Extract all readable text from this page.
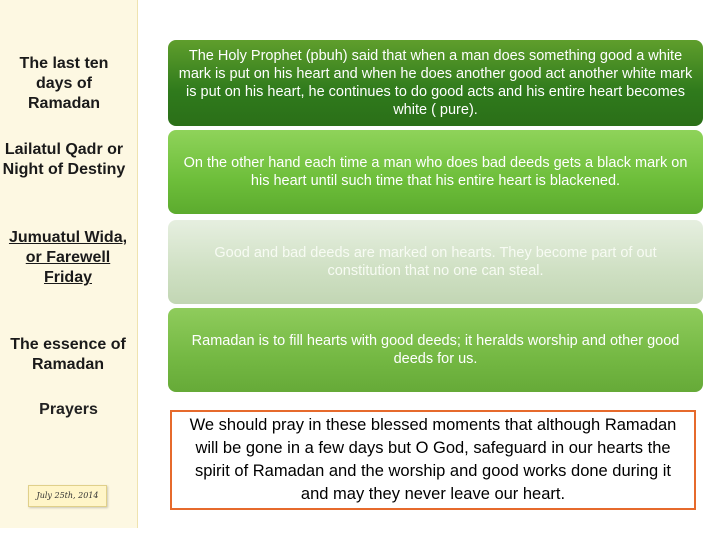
The last ten days of Ramadan
Lailatul Qadr or Night of Destiny
Jumuatul Wida, or Farewell Friday
The essence of Ramadan
Prayers
July 25th, 2014
The Holy Prophet (pbuh) said that when a man does something good a white mark is put on his heart and when he does another good act another white mark is put on his heart, he continues to do good acts and his entire heart becomes white ( pure).
On the other hand each time a man who does bad deeds gets a black mark on his heart until such time that his entire heart is blackened.
Good and bad deeds are marked on hearts. They become part of out constitution that no one can steal.
Ramadan is to fill hearts with good deeds; it heralds worship and other good deeds for us.
We should pray in these blessed moments that although Ramadan will be gone in a few days but O God, safeguard in our hearts the spirit of Ramadan and the worship and good works done during it and may they never leave our heart.
